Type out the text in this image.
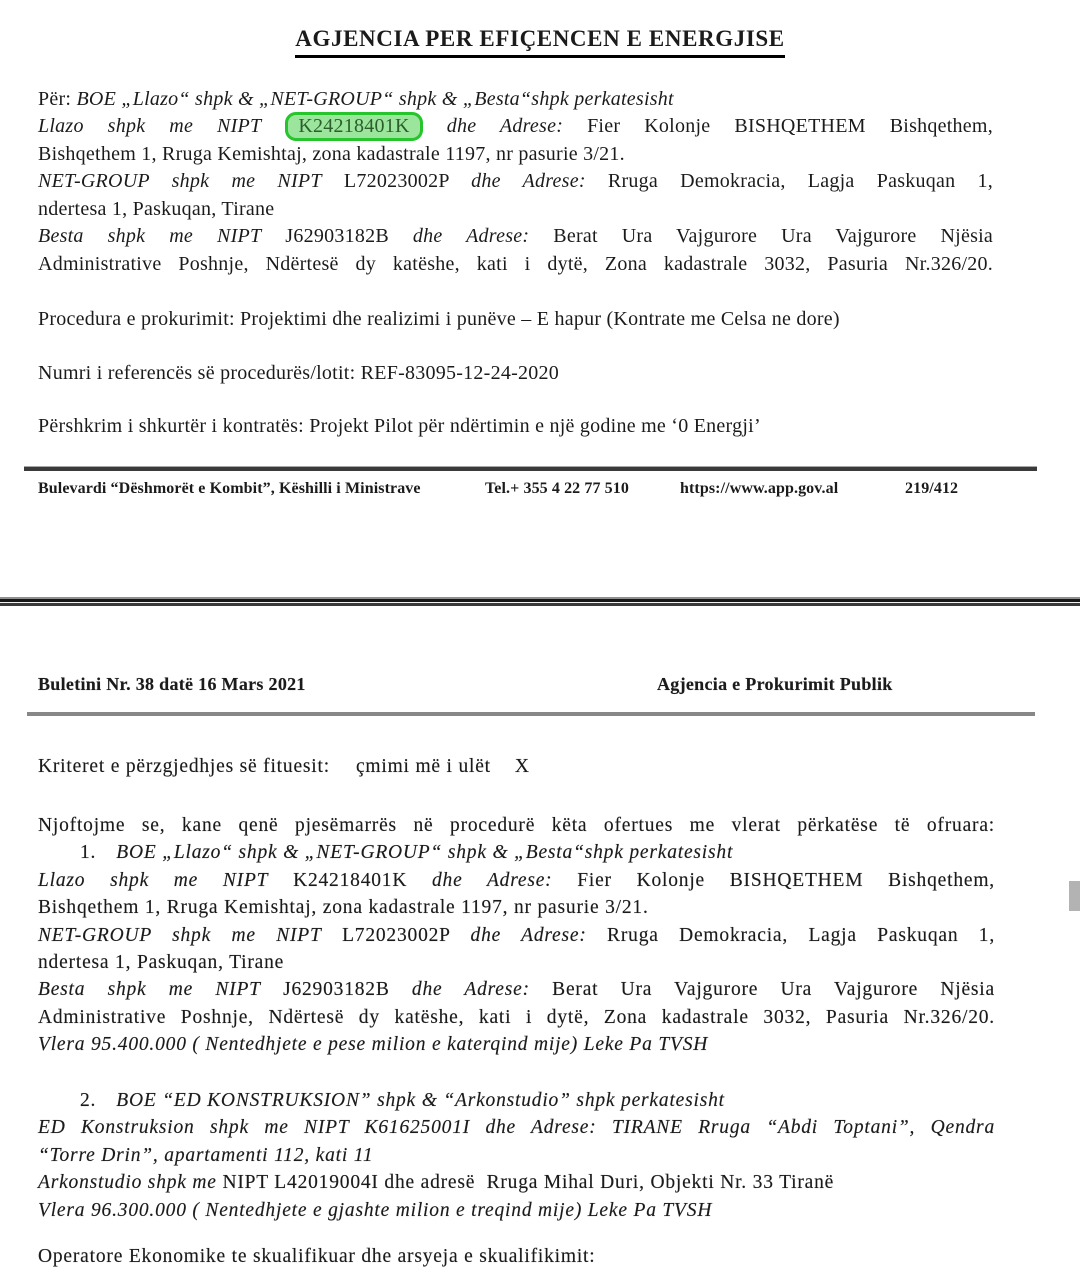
AGJENCIA PER EFIÇENCEN E ENERGJISE
Për: BOE „Llazo“ shpk & „NET-GROUP“ shpk & „Besta“shpk perkatesisht
Llazo shpk me NIPT K24218401K dhe Adrese: Fier Kolonje BISHQETHEM Bishqethem,
Bishqethem 1, Rruga Kemishtaj, zona kadastrale 1197, nr pasurie 3/21.
NET-GROUP shpk me NIPT L72023002P dhe Adrese: Rruga Demokracia, Lagja Paskuqan 1,
ndertesa 1, Paskuqan, Tirane
Besta shpk me NIPT J62903182B dhe Adrese: Berat Ura Vajgurore Ura Vajgurore Njësia
Administrative Poshnje, Ndërtesë dy katëshe, kati i dytë, Zona kadastrale 3032, Pasuria Nr.326/20.
Procedura e prokurimit: Projektimi dhe realizimi i punëve – E hapur (Kontrate me Celsa ne dore)
Numri i referencës së procedurës/lotit: REF-83095-12-24-2020
Përshkrim i shkurtër i kontratës: Projekt Pilot për ndërtimin e një godine me ‘0 Energji’
Bulevardi “Dëshmorët e Kombit”, Këshilli i Ministrave	Tel.+ 355 4 22 77 510	https://www.app.gov.al	219/412
Buletini Nr. 38 datë 16 Mars 2021	Agjencia e Prokurimit Publik
Kriteret e përzgjedhjes së fituesit: çmimi më i ulët X
Njoftojme se, kane qenë pjesëmarrës në procedurë këta ofertues me vlerat përkatëse të ofruara:
1. BOE „Llazo“ shpk & „NET-GROUP“ shpk & „Besta“shpk perkatesisht
Llazo shpk me NIPT K24218401K dhe Adrese: Fier Kolonje BISHQETHEM Bishqethem,
Bishqethem 1, Rruga Kemishtaj, zona kadastrale 1197, nr pasurie 3/21.
NET-GROUP shpk me NIPT L72023002P dhe Adrese: Rruga Demokracia, Lagja Paskuqan 1,
ndertesa 1, Paskuqan, Tirane
Besta shpk me NIPT J62903182B dhe Adrese: Berat Ura Vajgurore Ura Vajgurore Njësia
Administrative Poshnje, Ndërtesë dy katëshe, kati i dytë, Zona kadastrale 3032, Pasuria Nr.326/20.
Vlera 95.400.000 ( Nentedhjete e pese milion e katerqind mije) Leke Pa TVSH
2. BOE “ED KONSTRUKSION” shpk & “Arkonstudio” shpk perkatesisht
ED Konstruksion shpk me NIPT K61625001I dhe Adrese: TIRANE Rruga “Abdi Toptani”, Qendra
“Torre Drin”, apartamenti 112, kati 11
Arkonstudio shpk me NIPT L42019004I dhe adresë  Rruga Mihal Duri, Objekti Nr. 33 Tiranë
Vlera 96.300.000 ( Nentedhjete e gjashte milion e treqind mije) Leke Pa TVSH
Operatore Ekonomike te skualifikuar dhe arsyeja e skualifikimit:
